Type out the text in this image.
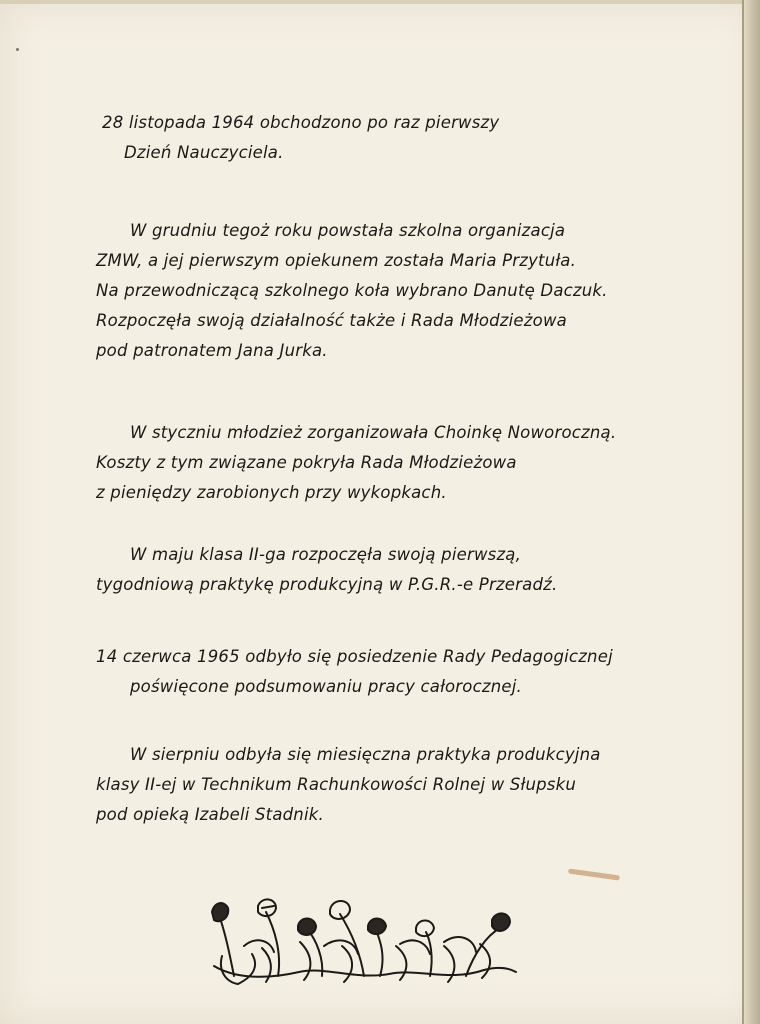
28 listopada 1964 obchodzono po raz pierwszy
Dzień Nauczyciela.
W grudniu tegoż roku powstała szkolna organizacja
ZMW, a jej pierwszym opiekunem została Maria Przytuła.
Na przewodniczącą szkolnego koła wybrano Danutę Daczuk.
Rozpoczęła swoją działalność także i Rada Młodzieżowa
pod patronatem Jana Jurka.
W styczniu młodzież zorganizowała Choinkę Noworoczną.
Koszty z tym związane pokryła Rada Młodzieżowa
z pieniędzy zarobionych przy wykopkach.
W maju klasa II-ga rozpoczęła swoją pierwszą,
tygodniową praktykę produkcyjną w P.G.R.-e Przeradź.
14 czerwca 1965 odbyło się posiedzenie Rady Pedagogicznej
poświęcone podsumowaniu pracy całorocznej.
W sierpniu odbyła się miesięczna praktyka produkcyjna
klasy II-ej w Technikum Rachunkowości Rolnej w Słupsku
pod opieką Izabeli Stadnik.
